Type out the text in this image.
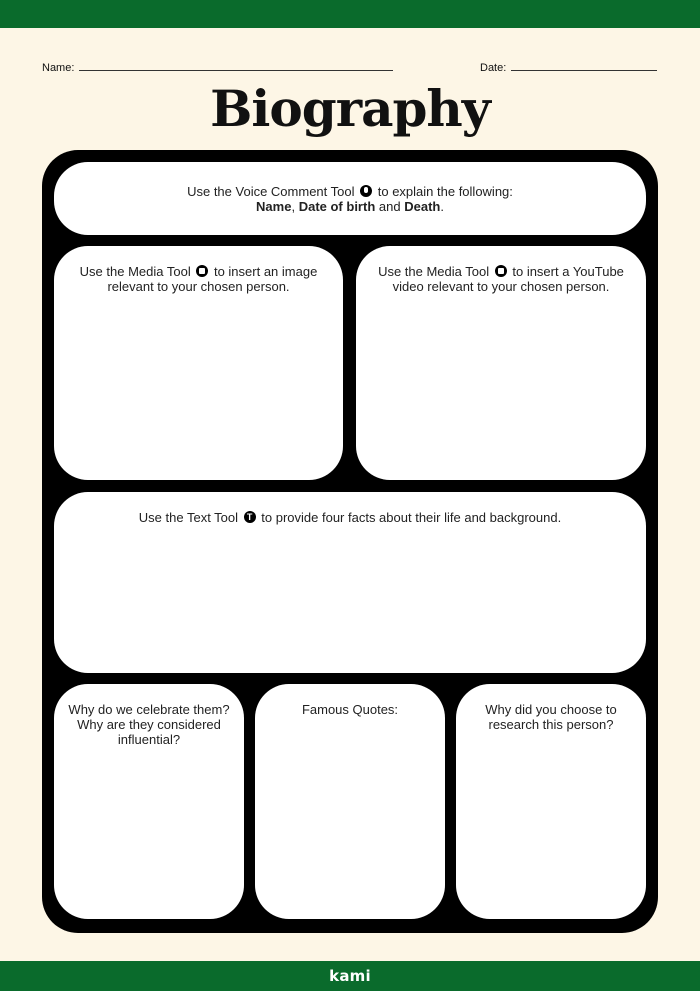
Name:	Date:
Biography

Use the Voice Comment Tool to explain the following:

Name, Date of birth and Death.

Use the Media Tool to insert an image

relevant to your chosen person.

Use the Media Tool to insert a YouTube

video relevant to your chosen person.

Use the Text Tool T to provide four facts about their life and background.

Why do we celebrate them?

Why are they considered

influential?

Famous Quotes:	Why did you choose to

research this person?

kami
